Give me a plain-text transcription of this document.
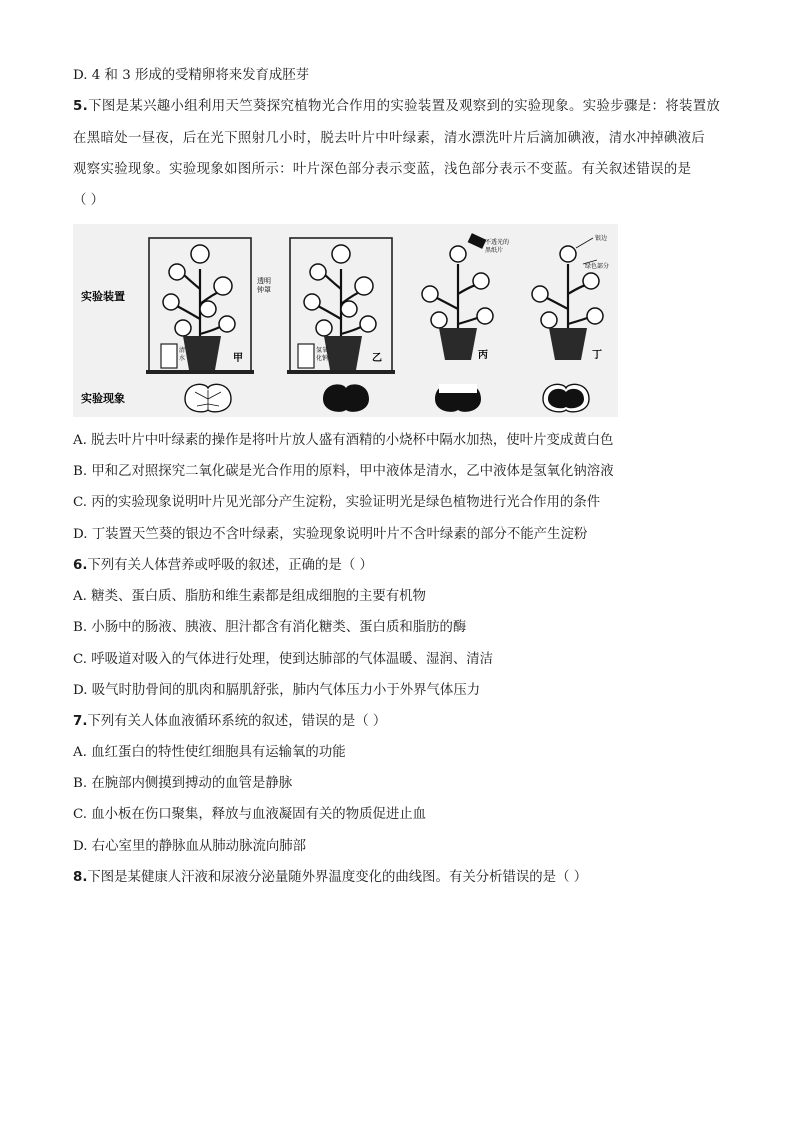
D. 4 和 3 形成的受精卵将来发育成胚芽
5.下图是某兴趣小组利用天竺葵探究植物光合作用的实验装置及观察到的实验现象。实验步骤是：将装置放
在黑暗处一昼夜，后在光下照射几小时，脱去叶片中叶绿素，清水漂洗叶片后滴加碘液，清水冲掉碘液后
观察实验现象。实验现象如图所示：叶片深色部分表示变蓝，浅色部分表示不变蓝。有关叙述错误的是
（ ）
实验装置
实验现象
清
水	甲
透明
钟罩
氢氧
化钠	乙
不透光的
黑纸片
丙
银边
绿色部分
丁
A. 脱去叶片中叶绿素的操作是将叶片放人盛有酒精的小烧杯中隔水加热，使叶片变成黄白色
B. 甲和乙对照探究二氧化碳是光合作用的原料，甲中液体是清水，乙中液体是氢氧化钠溶液
C. 丙的实验现象说明叶片见光部分产生淀粉，实验证明光是绿色植物进行光合作用的条件
D. 丁装置天竺葵的银边不含叶绿素，实验现象说明叶片不含叶绿素的部分不能产生淀粉
6.下列有关人体营养或呼吸的叙述，正确的是（ ）
A. 糖类、蛋白质、脂肪和维生素都是组成细胞的主要有机物
B. 小肠中的肠液、胰液、胆汁都含有消化糖类、蛋白质和脂肪的酶
C. 呼吸道对吸入的气体进行处理，使到达肺部的气体温暖、湿润、清洁
D. 吸气时肋骨间的肌肉和膈肌舒张，肺内气体压力小于外界气体压力
7.下列有关人体血液循环系统的叙述，错误的是（ ）
A. 血红蛋白的特性使红细胞具有运输氧的功能
B. 在腕部内侧摸到搏动的血管是静脉
C. 血小板在伤口聚集，释放与血液凝固有关的物质促进止血
D. 右心室里的静脉血从肺动脉流向肺部
8.下图是某健康人汗液和尿液分泌量随外界温度变化的曲线图。有关分析错误的是（ ）
